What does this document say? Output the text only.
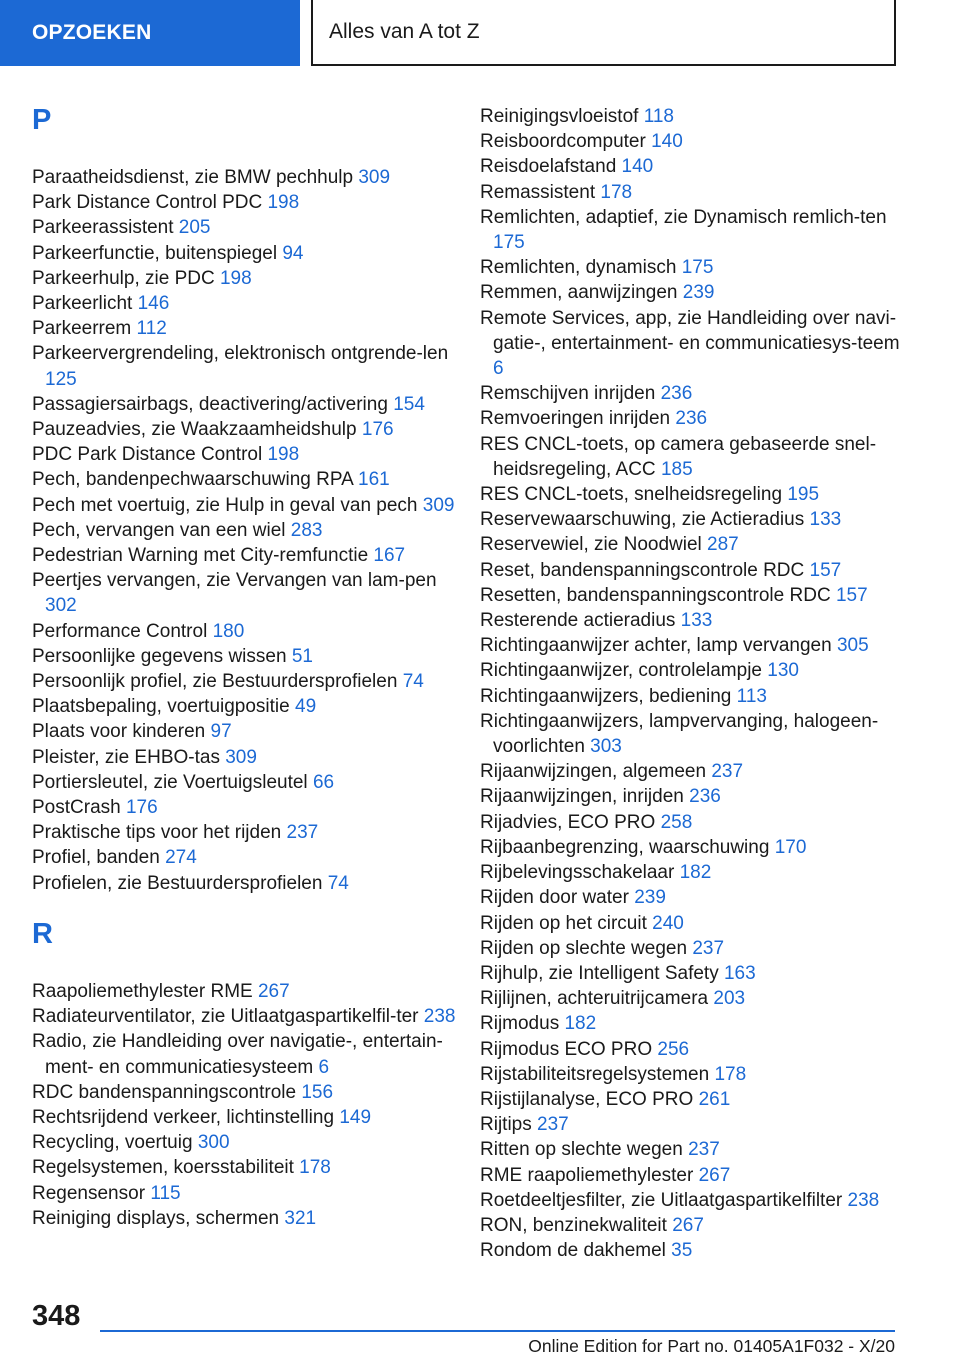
OPZOEKEN	Alles van A tot Z
P
Paraatheidsdienst, zie BMW pechhulp 309
Park Distance Control PDC 198
Parkeerassistent 205
Parkeerfunctie, buitenspiegel 94
Parkeerhulp, zie PDC 198
Parkeerlicht 146
Parkeerrem 112
Parkeervergrendeling, elektronisch ontgrende-len 125
Passagiersairbags, deactivering/activering 154
Pauzeadvies, zie Waakzaamheidshulp 176
PDC Park Distance Control 198
Pech, bandenpechwaarschuwing RPA 161
Pech met voertuig, zie Hulp in geval van pech 309
Pech, vervangen van een wiel 283
Pedestrian Warning met City-remfunctie 167
Peertjes vervangen, zie Vervangen van lam-pen 302
Performance Control 180
Persoonlijke gegevens wissen 51
Persoonlijk profiel, zie Bestuurdersprofielen 74
Plaatsbepaling, voertuigpositie 49
Plaats voor kinderen 97
Pleister, zie EHBO-tas 309
Portiersleutel, zie Voertuigsleutel 66
PostCrash 176
Praktische tips voor het rijden 237
Profiel, banden 274
Profielen, zie Bestuurdersprofielen 74
R
Raapoliemethylester RME 267
Radiateurventilator, zie Uitlaatgaspartikelfil-ter 238
Radio, zie Handleiding over navigatie-, entertain-ment- en communicatiesysteem 6
RDC bandenspanningscontrole 156
Rechtsrijdend verkeer, lichtinstelling 149
Recycling, voertuig 300
Regelsystemen, koersstabiliteit 178
Regensensor 115
Reiniging displays, schermen 321
Reinigingsvloeistof 118
Reisboordcomputer 140
Reisdoelafstand 140
Remassistent 178
Remlichten, adaptief, zie Dynamisch remlich-ten 175
Remlichten, dynamisch 175
Remmen, aanwijzingen 239
Remote Services, app, zie Handleiding over navi-gatie-, entertainment- en communicatiesys-teem 6
Remschijven inrijden 236
Remvoeringen inrijden 236
RES CNCL-toets, op camera gebaseerde snel-heidsregeling, ACC 185
RES CNCL-toets, snelheidsregeling 195
Reservewaarschuwing, zie Actieradius 133
Reservewiel, zie Noodwiel 287
Reset, bandenspanningscontrole RDC 157
Resetten, bandenspanningscontrole RDC 157
Resterende actieradius 133
Richtingaanwijzer achter, lamp vervangen 305
Richtingaanwijzer, controlelampje 130
Richtingaanwijzers, bediening 113
Richtingaanwijzers, lampvervanging, halogeen-voorlichten 303
Rijaanwijzingen, algemeen 237
Rijaanwijzingen, inrijden 236
Rijadvies, ECO PRO 258
Rijbaanbegrenzing, waarschuwing 170
Rijbelevingsschakelaar 182
Rijden door water 239
Rijden op het circuit 240
Rijden op slechte wegen 237
Rijhulp, zie Intelligent Safety 163
Rijlijnen, achteruitrijcamera 203
Rijmodus 182
Rijmodus ECO PRO 256
Rijstabiliteitsregelsystemen 178
Rijstijlanalyse, ECO PRO 261
Rijtips 237
Ritten op slechte wegen 237
RME raapoliemethylester 267
Roetdeeltjesfilter, zie Uitlaatgaspartikelfilter 238
RON, benzinekwaliteit 267
Rondom de dakhemel 35
348
Online Edition for Part no. 01405A1F032 - X/20
